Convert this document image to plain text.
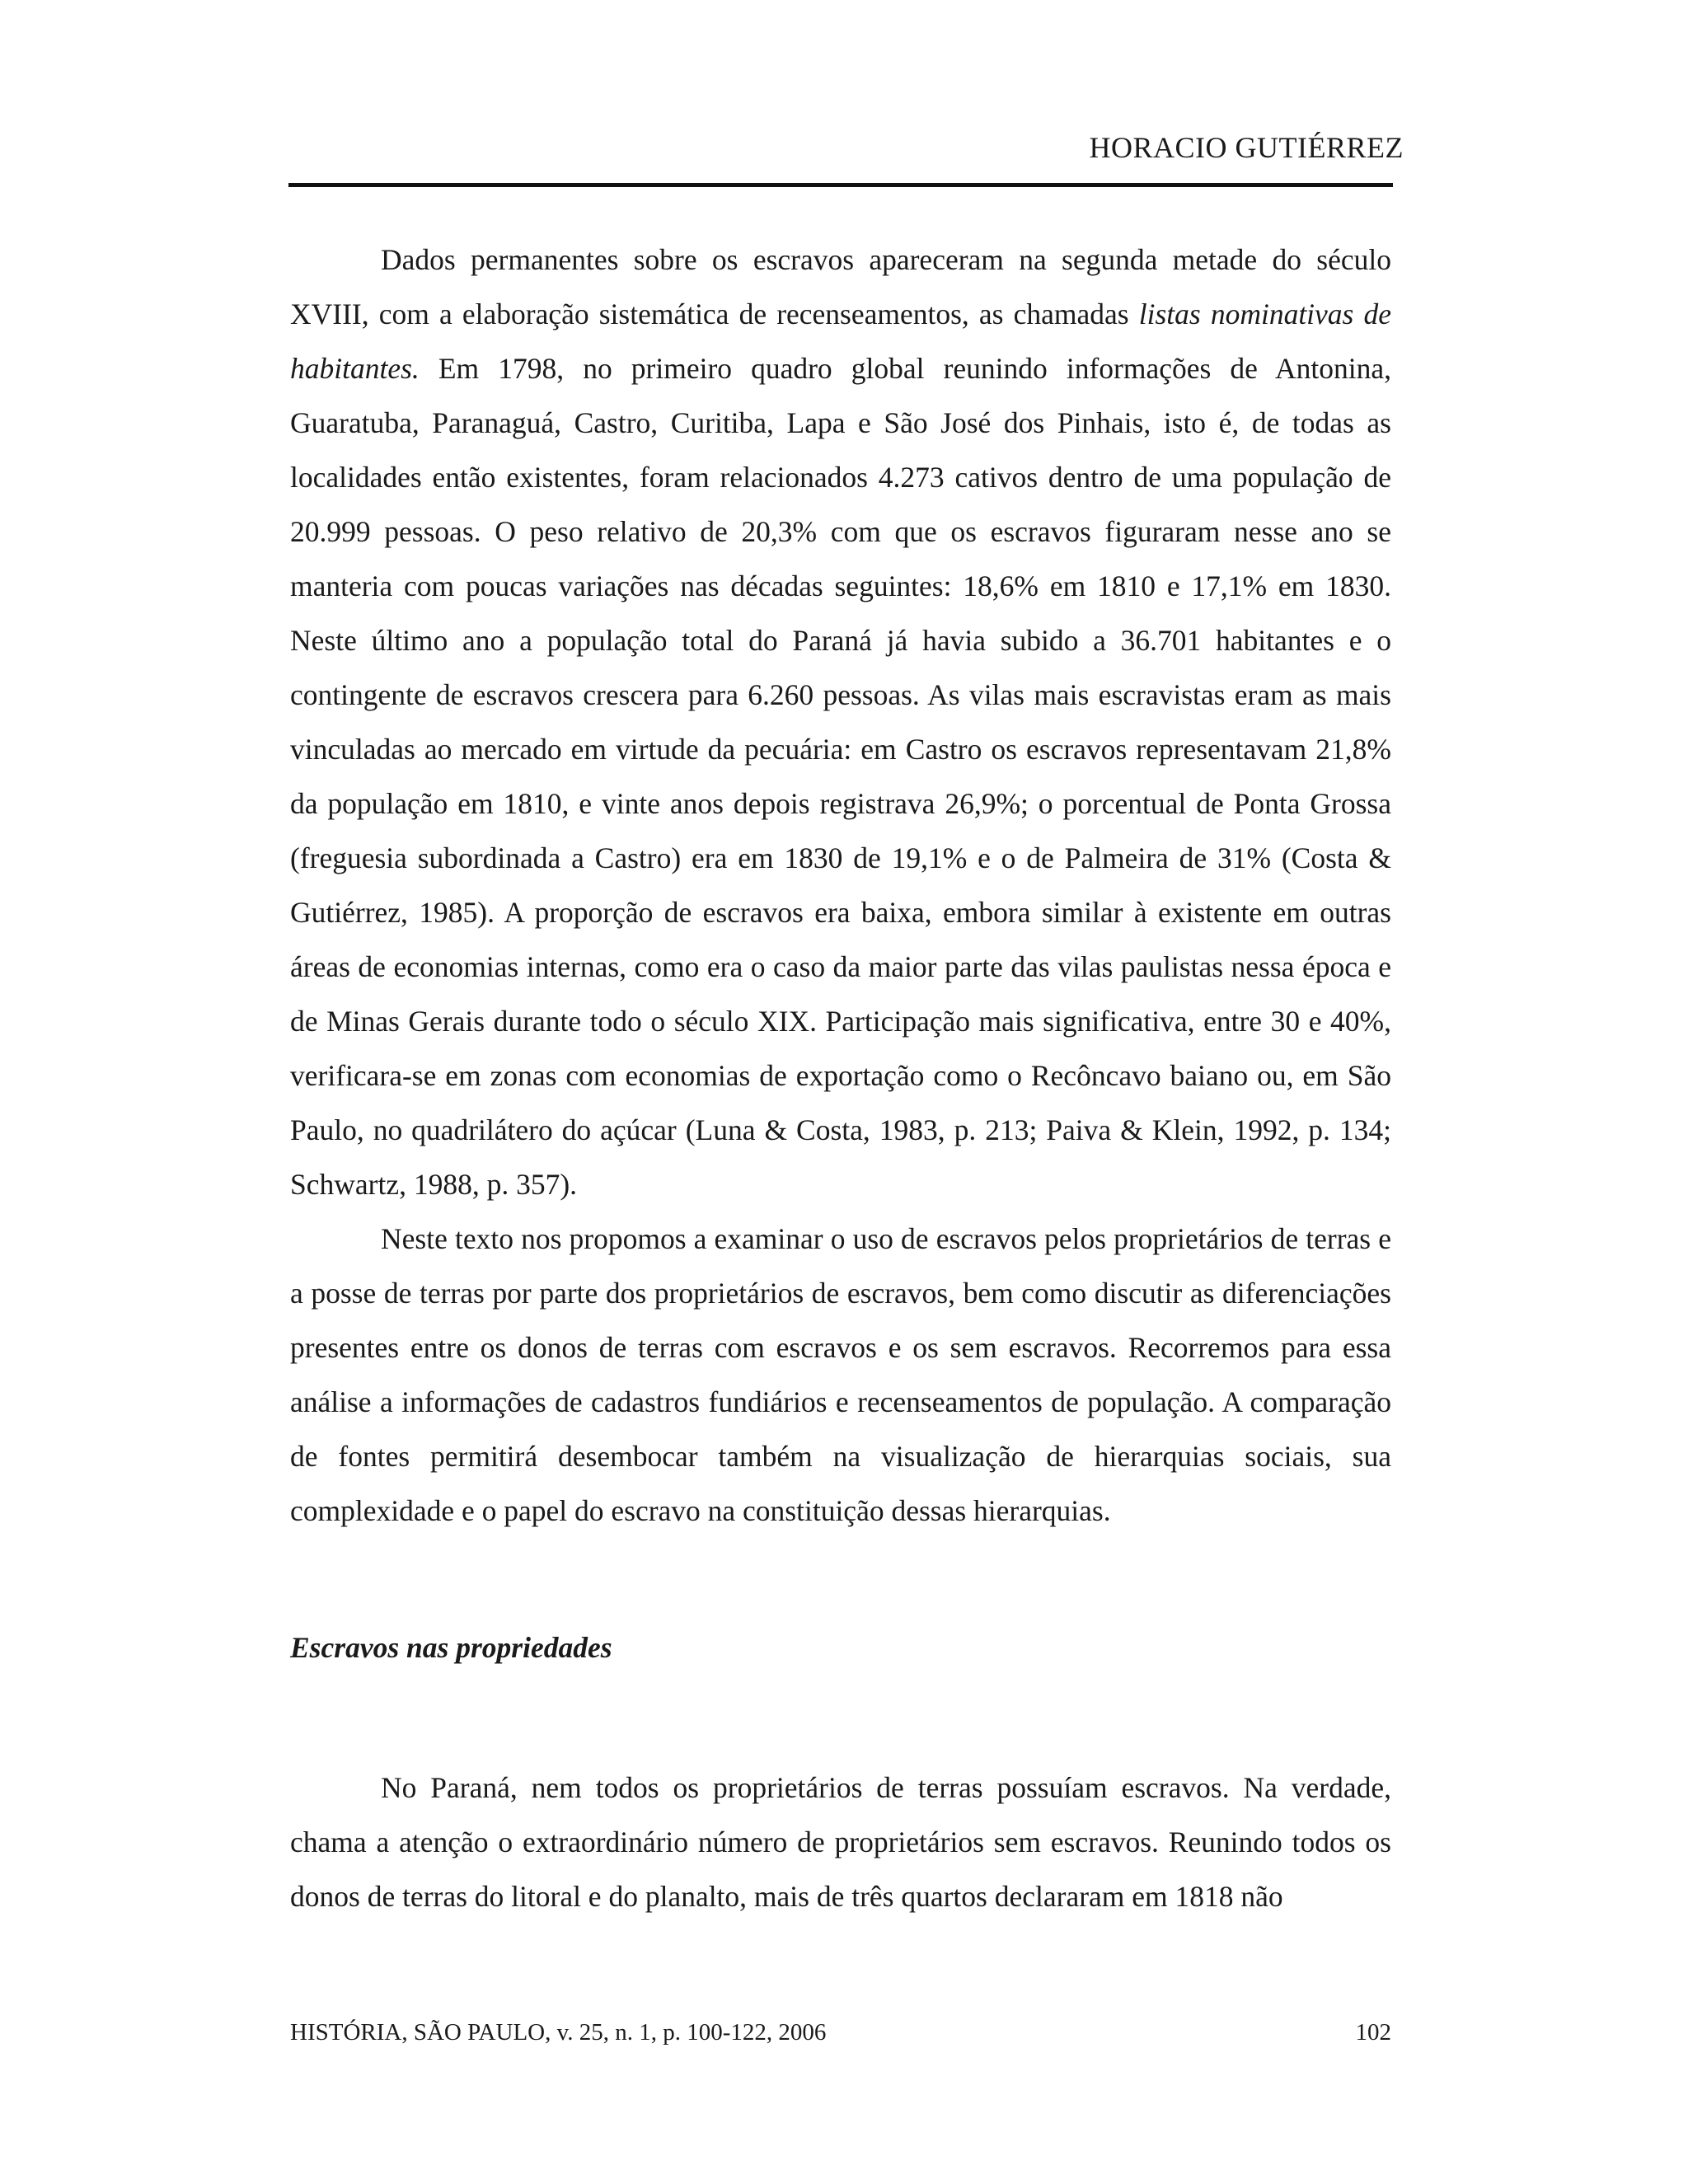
HORACIO GUTIÉRREZ

Dados permanentes sobre os escravos apareceram na segunda metade do século XVIII, com a elaboração sistemática de recenseamentos, as chamadas listas nominativas de habitantes. Em 1798, no primeiro quadro global reunindo informações de Antonina, Guaratuba, Paranaguá, Castro, Curitiba, Lapa e São José dos Pinhais, isto é, de todas as localidades então existentes, foram relacionados 4.273 cativos dentro de uma população de 20.999 pessoas. O peso relativo de 20,3% com que os escravos figuraram nesse ano se manteria com poucas variações nas décadas seguintes: 18,6% em 1810 e 17,1% em 1830. Neste último ano a população total do Paraná já havia subido a 36.701 habitantes e o contingente de escravos crescera para 6.260 pessoas. As vilas mais escravistas eram as mais vinculadas ao mercado em virtude da pecuária: em Castro os escravos representavam 21,8% da população em 1810, e vinte anos depois registrava 26,9%; o porcentual de Ponta Grossa (freguesia subordinada a Castro) era em 1830 de 19,1% e o de Palmeira de 31% (Costa & Gutiérrez, 1985). A proporção de escravos era baixa, embora similar à existente em outras áreas de economias internas, como era o caso da maior parte das vilas paulistas nessa época e de Minas Gerais durante todo o século XIX. Participação mais significativa, entre 30 e 40%, verificara-se em zonas com economias de exportação como o Recôncavo baiano ou, em São Paulo, no quadrilátero do açúcar (Luna & Costa, 1983, p. 213; Paiva & Klein, 1992, p. 134; Schwartz, 1988, p. 357).

Neste texto nos propomos a examinar o uso de escravos pelos proprietários de terras e a posse de terras por parte dos proprietários de escravos, bem como discutir as diferenciações presentes entre os donos de terras com escravos e os sem escravos. Recorremos para essa análise a informações de cadastros fundiários e recenseamentos de população. A comparação de fontes permitirá desembocar também na visualização de hierarquias sociais, sua complexidade e o papel do escravo na constituição dessas hierarquias.

Escravos nas propriedades

No Paraná, nem todos os proprietários de terras possuíam escravos. Na verdade, chama a atenção o extraordinário número de proprietários sem escravos. Reunindo todos os donos de terras do litoral e do planalto, mais de três quartos declararam em 1818 não

HISTÓRIA, SÃO PAULO, v. 25, n. 1, p. 100-122, 2006	102
